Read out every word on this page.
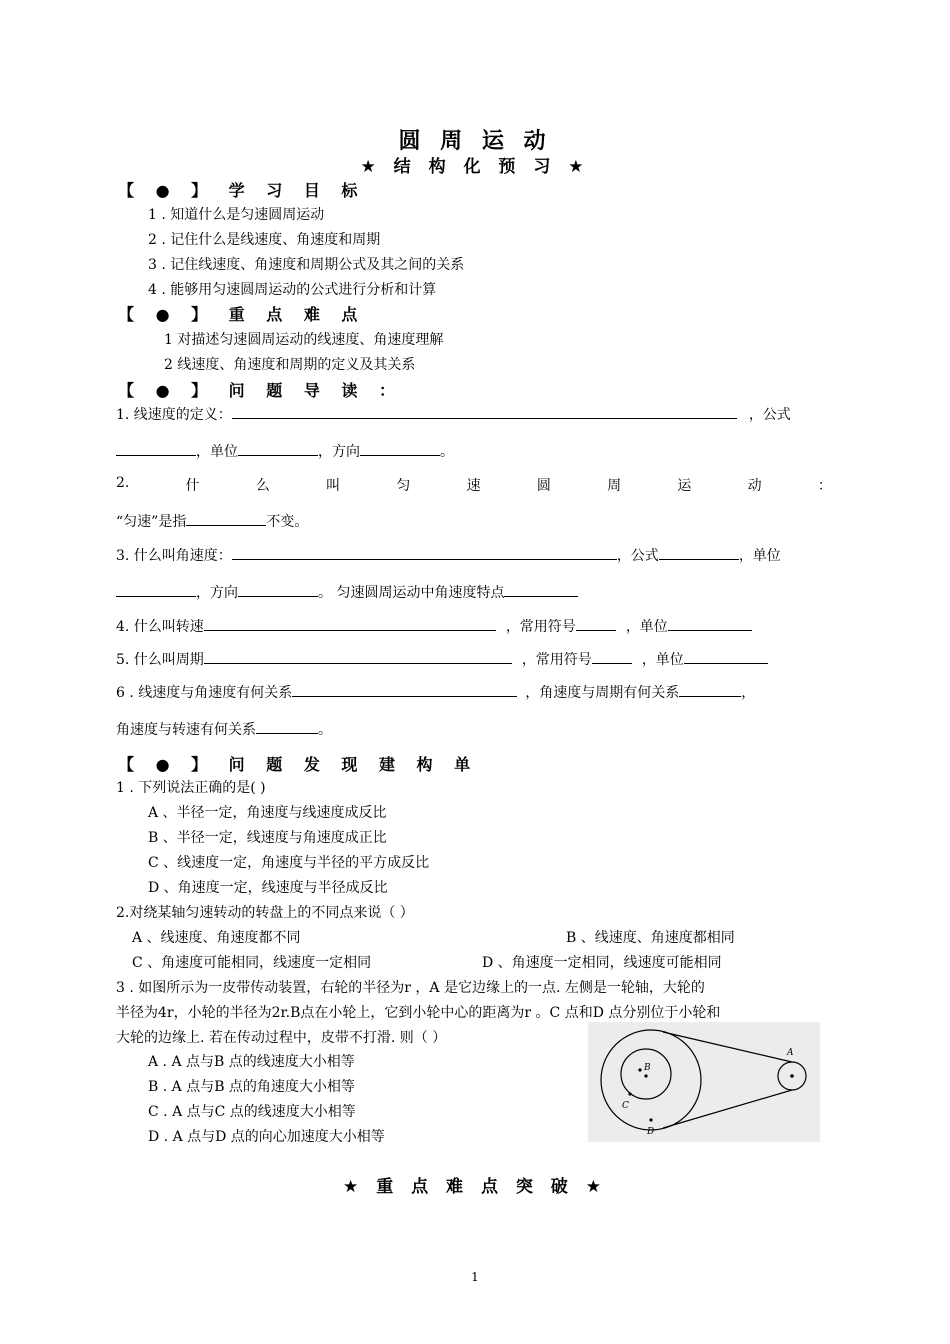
圆 周 运 动
★ 结 构 化 预 习 ★
【 ● 】 学 习 目 标
1 . 知道什么是匀速圆周运动
2 . 记住什么是线速度、角速度和周期
3 . 记住线速度、角速度和周期公式及其之间的关系
4 . 能够用匀速圆周运动的公式进行分析和计算
【 ● 】 重 点 难 点
1 对描述匀速圆周运动的线速度、角速度理解
2 线速度、角速度和周期的定义及其关系
【 ● 】 问 题 导 读 ：
1. 线速度的定义：	，公式
，单位	，方向	。
2.	什	么	叫	匀	速	圆	周	运	动	：
“匀速”是指	不变。
3. 什么叫角速度：	，公式	，单位
，方向	。 匀速圆周运动中角速度特点
4. 什么叫转速	，常用符号	，单位
5. 什么叫周期	，常用符号	，单位
6 . 线速度与角速度有何关系	，角速度与周期有何关系	，
角速度与转速有何关系	。
【 ● 】 问 题 发 现 建 构 单
1 . 下列说法正确的是( )
A 、半径一定，角速度与线速度成反比
B 、半径一定，线速度与角速度成正比
C 、线速度一定，角速度与半径的平方成反比
D 、角速度一定，线速度与半径成反比
2.对绕某轴匀速转动的转盘上的不同点来说（ ）
A 、线速度、角速度都不同	B 、线速度、角速度都相同
C 、角速度可能相同，线速度一定相同	D 、角速度一定相同，线速度可能相同
3 . 如图所示为一皮带传动装置，右轮的半径为r ，A 是它边缘上的一点. 左侧是一轮轴，大轮的
半径为4r，小轮的半径为2r.B点在小轮上，它到小轮中心的距离为r 。C 点和D 点分别位于小轮和
大轮的边缘上. 若在传动过程中，皮带不打滑. 则（ ）
A . A 点与B 点的线速度大小相等
B . A 点与B 点的角速度大小相等
C . A 点与C 点的线速度大小相等
D . A 点与D 点的向心加速度大小相等
A
B
C
D
★ 重 点 难 点 突 破 ★
1
